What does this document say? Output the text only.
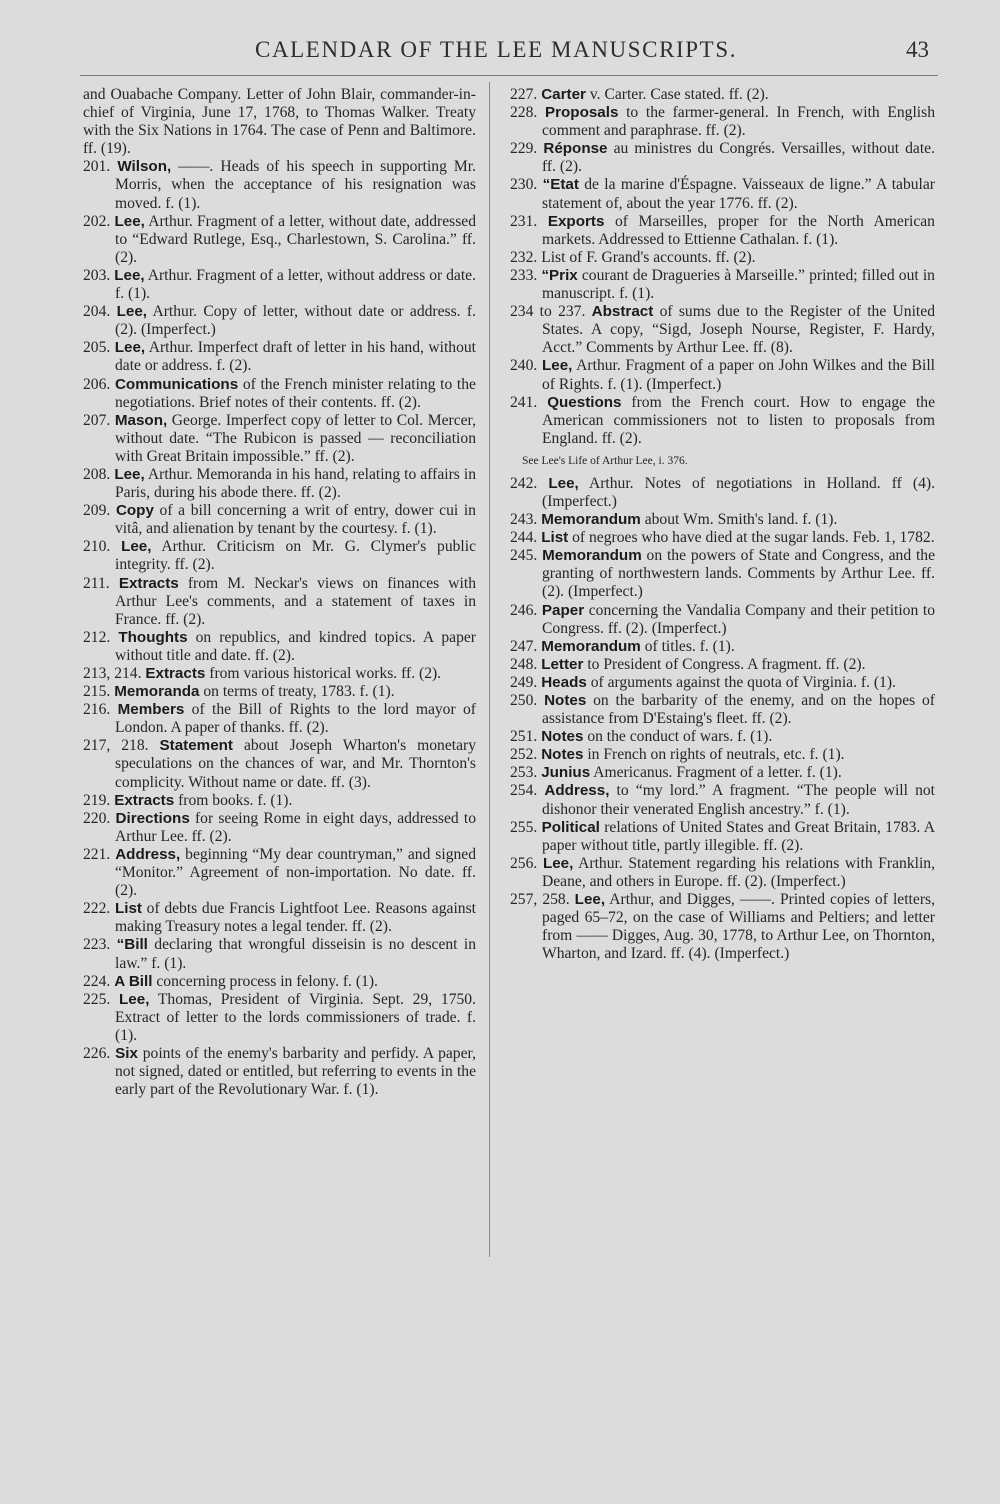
CALENDAR OF THE LEE MANUSCRIPTS.	43
and Ouabache Company. Letter of John Blair, commander-in-chief of Virginia, June 17, 1768, to Thomas Walker. Treaty with the Six Nations in 1764. The case of Penn and Baltimore. ff. (19).
201. Wilson, ——. Heads of his speech in supporting Mr. Morris, when the acceptance of his resignation was moved. f. (1).
202. Lee, Arthur. Fragment of a letter, without date, addressed to “Edward Rutlege, Esq., Charlestown, S. Carolina.” ff. (2).
203. Lee, Arthur. Fragment of a letter, without address or date. f. (1).
204. Lee, Arthur. Copy of letter, without date or address. f. (2). (Imperfect.)
205. Lee, Arthur. Imperfect draft of letter in his hand, without date or address. f. (2).
206. Communications of the French minister relating to the negotiations. Brief notes of their contents. ff. (2).
207. Mason, George. Imperfect copy of letter to Col. Mercer, without date. “The Rubicon is passed — reconciliation with Great Britain impossible.” ff. (2).
208. Lee, Arthur. Memoranda in his hand, relating to affairs in Paris, during his abode there. ff. (2).
209. Copy of a bill concerning a writ of entry, dower cui in vitâ, and alienation by tenant by the courtesy. f. (1).
210. Lee, Arthur. Criticism on Mr. G. Clymer's public integrity. ff. (2).
211. Extracts from M. Neckar's views on finances with Arthur Lee's comments, and a statement of taxes in France. ff. (2).
212. Thoughts on republics, and kindred topics. A paper without title and date. ff. (2).
213, 214. Extracts from various historical works. ff. (2).
215. Memoranda on terms of treaty, 1783. f. (1).
216. Members of the Bill of Rights to the lord mayor of London. A paper of thanks. ff. (2).
217, 218. Statement about Joseph Wharton's monetary speculations on the chances of war, and Mr. Thornton's complicity. Without name or date. ff. (3).
219. Extracts from books. f. (1).
220. Directions for seeing Rome in eight days, addressed to Arthur Lee. ff. (2).
221. Address, beginning “My dear countryman,” and signed “Monitor.” Agreement of non-importation. No date. ff. (2).
222. List of debts due Francis Lightfoot Lee. Reasons against making Treasury notes a legal tender. ff. (2).
223. “Bill declaring that wrongful disseisin is no descent in law.” f. (1).
224. A Bill concerning process in felony. f. (1).
225. Lee, Thomas, President of Virginia. Sept. 29, 1750. Extract of letter to the lords commissioners of trade. f. (1).
226. Six points of the enemy's barbarity and perfidy. A paper, not signed, dated or entitled, but referring to events in the early part of the Revolutionary War. f. (1).
227. Carter v. Carter. Case stated. ff. (2).
228. Proposals to the farmer-general. In French, with English comment and paraphrase. ff. (2).
229. Réponse au ministres du Congrés. Versailles, without date. ff. (2).
230. “Etat de la marine d'Éspagne. Vaisseaux de ligne.” A tabular statement of, about the year 1776. ff. (2).
231. Exports of Marseilles, proper for the North American markets. Addressed to Ettienne Cathalan. f. (1).
232. List of F. Grand's accounts. ff. (2).
233. “Prix courant de Dragueries à Marseille.” printed; filled out in manuscript. f. (1).
234 to 237. Abstract of sums due to the Register of the United States. A copy, “Sigd, Joseph Nourse, Register, F. Hardy, Acct.” Comments by Arthur Lee. ff. (8).
240. Lee, Arthur. Fragment of a paper on John Wilkes and the Bill of Rights. f. (1). (Imperfect.)
241. Questions from the French court. How to engage the American commissioners not to listen to proposals from England. ff. (2).
See Lee's Life of Arthur Lee, i. 376.
242. Lee, Arthur. Notes of negotiations in Holland. ff (4). (Imperfect.)
243. Memorandum about Wm. Smith's land. f. (1).
244. List of negroes who have died at the sugar lands. Feb. 1, 1782.
245. Memorandum on the powers of State and Congress, and the granting of northwestern lands. Comments by Arthur Lee. ff. (2). (Imperfect.)
246. Paper concerning the Vandalia Company and their petition to Congress. ff. (2). (Imperfect.)
247. Memorandum of titles. f. (1).
248. Letter to President of Congress. A fragment. ff. (2).
249. Heads of arguments against the quota of Virginia. f. (1).
250. Notes on the barbarity of the enemy, and on the hopes of assistance from D'Estaing's fleet. ff. (2).
251. Notes on the conduct of wars. f. (1).
252. Notes in French on rights of neutrals, etc. f. (1).
253. Junius Americanus. Fragment of a letter. f. (1).
254. Address, to “my lord.” A fragment. “The people will not dishonor their venerated English ancestry.” f. (1).
255. Political relations of United States and Great Britain, 1783. A paper without title, partly illegible. ff. (2).
256. Lee, Arthur. Statement regarding his relations with Franklin, Deane, and others in Europe. ff. (2). (Imperfect.)
257, 258. Lee, Arthur, and Digges, ——. Printed copies of letters, paged 65–72, on the case of Williams and Peltiers; and letter from —— Digges, Aug. 30, 1778, to Arthur Lee, on Thornton, Wharton, and Izard. ff. (4). (Imperfect.)
